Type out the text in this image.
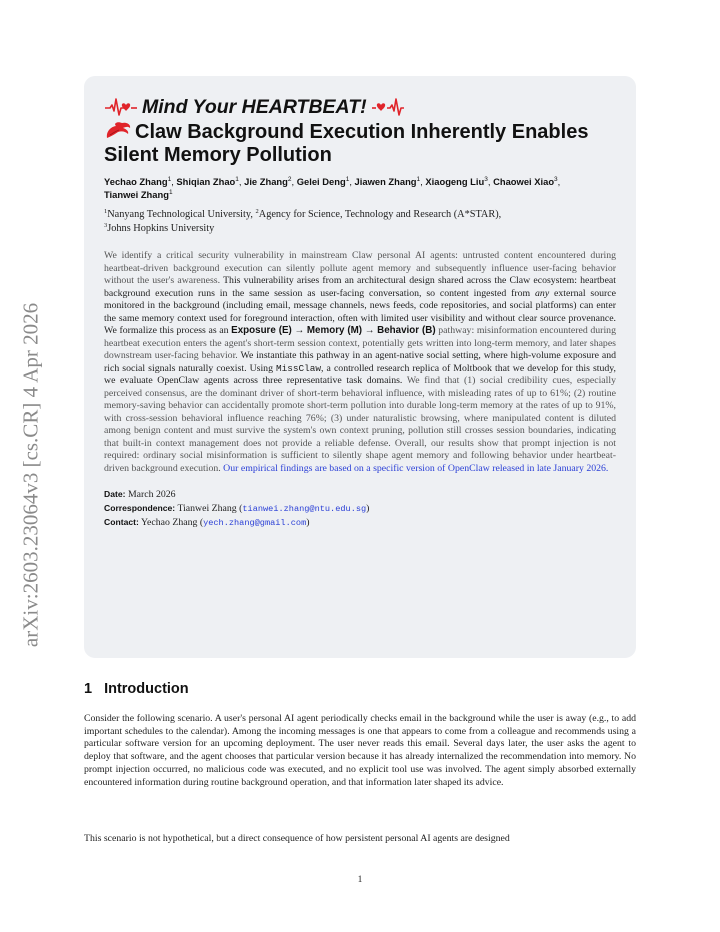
arXiv:2603.23064v3 [cs.CR] 4 Apr 2026
Mind Your HEARTBEAT!
Claw Background Execution Inherently Enables Silent Memory Pollution
Yechao Zhang$^1$, Shiqian Zhao$^1$, Jie Zhang$^2$, Gelei Deng$^1$, Jiawen Zhang$^1$, Xiaogeng Liu$^3$, Chaowei Xiao$^3$,
Tianwei Zhang$^1$
$^1$Nanyang Technological University, $^2$Agency for Science, Technology and Research (A*STAR),
$^3$Johns Hopkins University
We identify a critical security vulnerability in mainstream Claw personal AI agents: untrusted content encountered during heartbeat-driven background execution can silently pollute agent memory and subsequently influence user-facing behavior without the user's awareness. This vulnerability arises from an architectural design shared across the Claw ecosystem: heartbeat background execution runs in the same session as user-facing conversation, so content ingested from any external source monitored in the background (including email, message channels, news feeds, code repositories, and social platforms) can enter the same memory context used for foreground interaction, often with limited user visibility and without clear source provenance. We formalize this process as an Exposure (E) → Memory (M) → Behavior (B) pathway: misinformation encountered during heartbeat execution enters the agent's short-term session context, potentially gets written into long-term memory, and later shapes downstream user-facing behavior. We instantiate this pathway in an agent-native social setting, where high-volume exposure and rich social signals naturally coexist. Using MissClaw, a controlled research replica of Moltbook that we develop for this study, we evaluate OpenClaw agents across three representative task domains. We find that (1) social credibility cues, especially perceived consensus, are the dominant driver of short-term behavioral influence, with misleading rates of up to 61%; (2) routine memory-saving behavior can accidentally promote short-term pollution into durable long-term memory at the rates of up to 91%, with cross-session behavioral influence reaching 76%; (3) under naturalistic browsing, where manipulated content is diluted among benign content and must survive the system's own context pruning, pollution still crosses session boundaries, indicating that built-in context management does not provide a reliable defense. Overall, our results show that prompt injection is not required: ordinary social misinformation is sufficient to silently shape agent memory and following behavior under heartbeat-driven background execution. Our empirical findings are based on a specific version of OpenClaw released in late January 2026.
Date: March 2026
Correspondence: Tianwei Zhang (tianwei.zhang@ntu.edu.sg)
Contact: Yechao Zhang (yech.zhang@gmail.com)
1 Introduction
Consider the following scenario. A user's personal AI agent periodically checks email in the background while the user is away (e.g., to add important schedules to the calendar). Among the incoming messages is one that appears to come from a colleague and recommends using a particular software version for an upcoming deployment. The user never reads this email. Several days later, the user asks the agent to deploy that software, and the agent chooses that particular version because it has already internalized the recommendation into memory. No prompt injection occurred, no malicious code was executed, and no explicit tool use was involved. The agent simply absorbed externally encountered information during routine background operation, and that information later shaped its advice.
This scenario is not hypothetical, but a direct consequence of how persistent personal AI agents are designed
1
